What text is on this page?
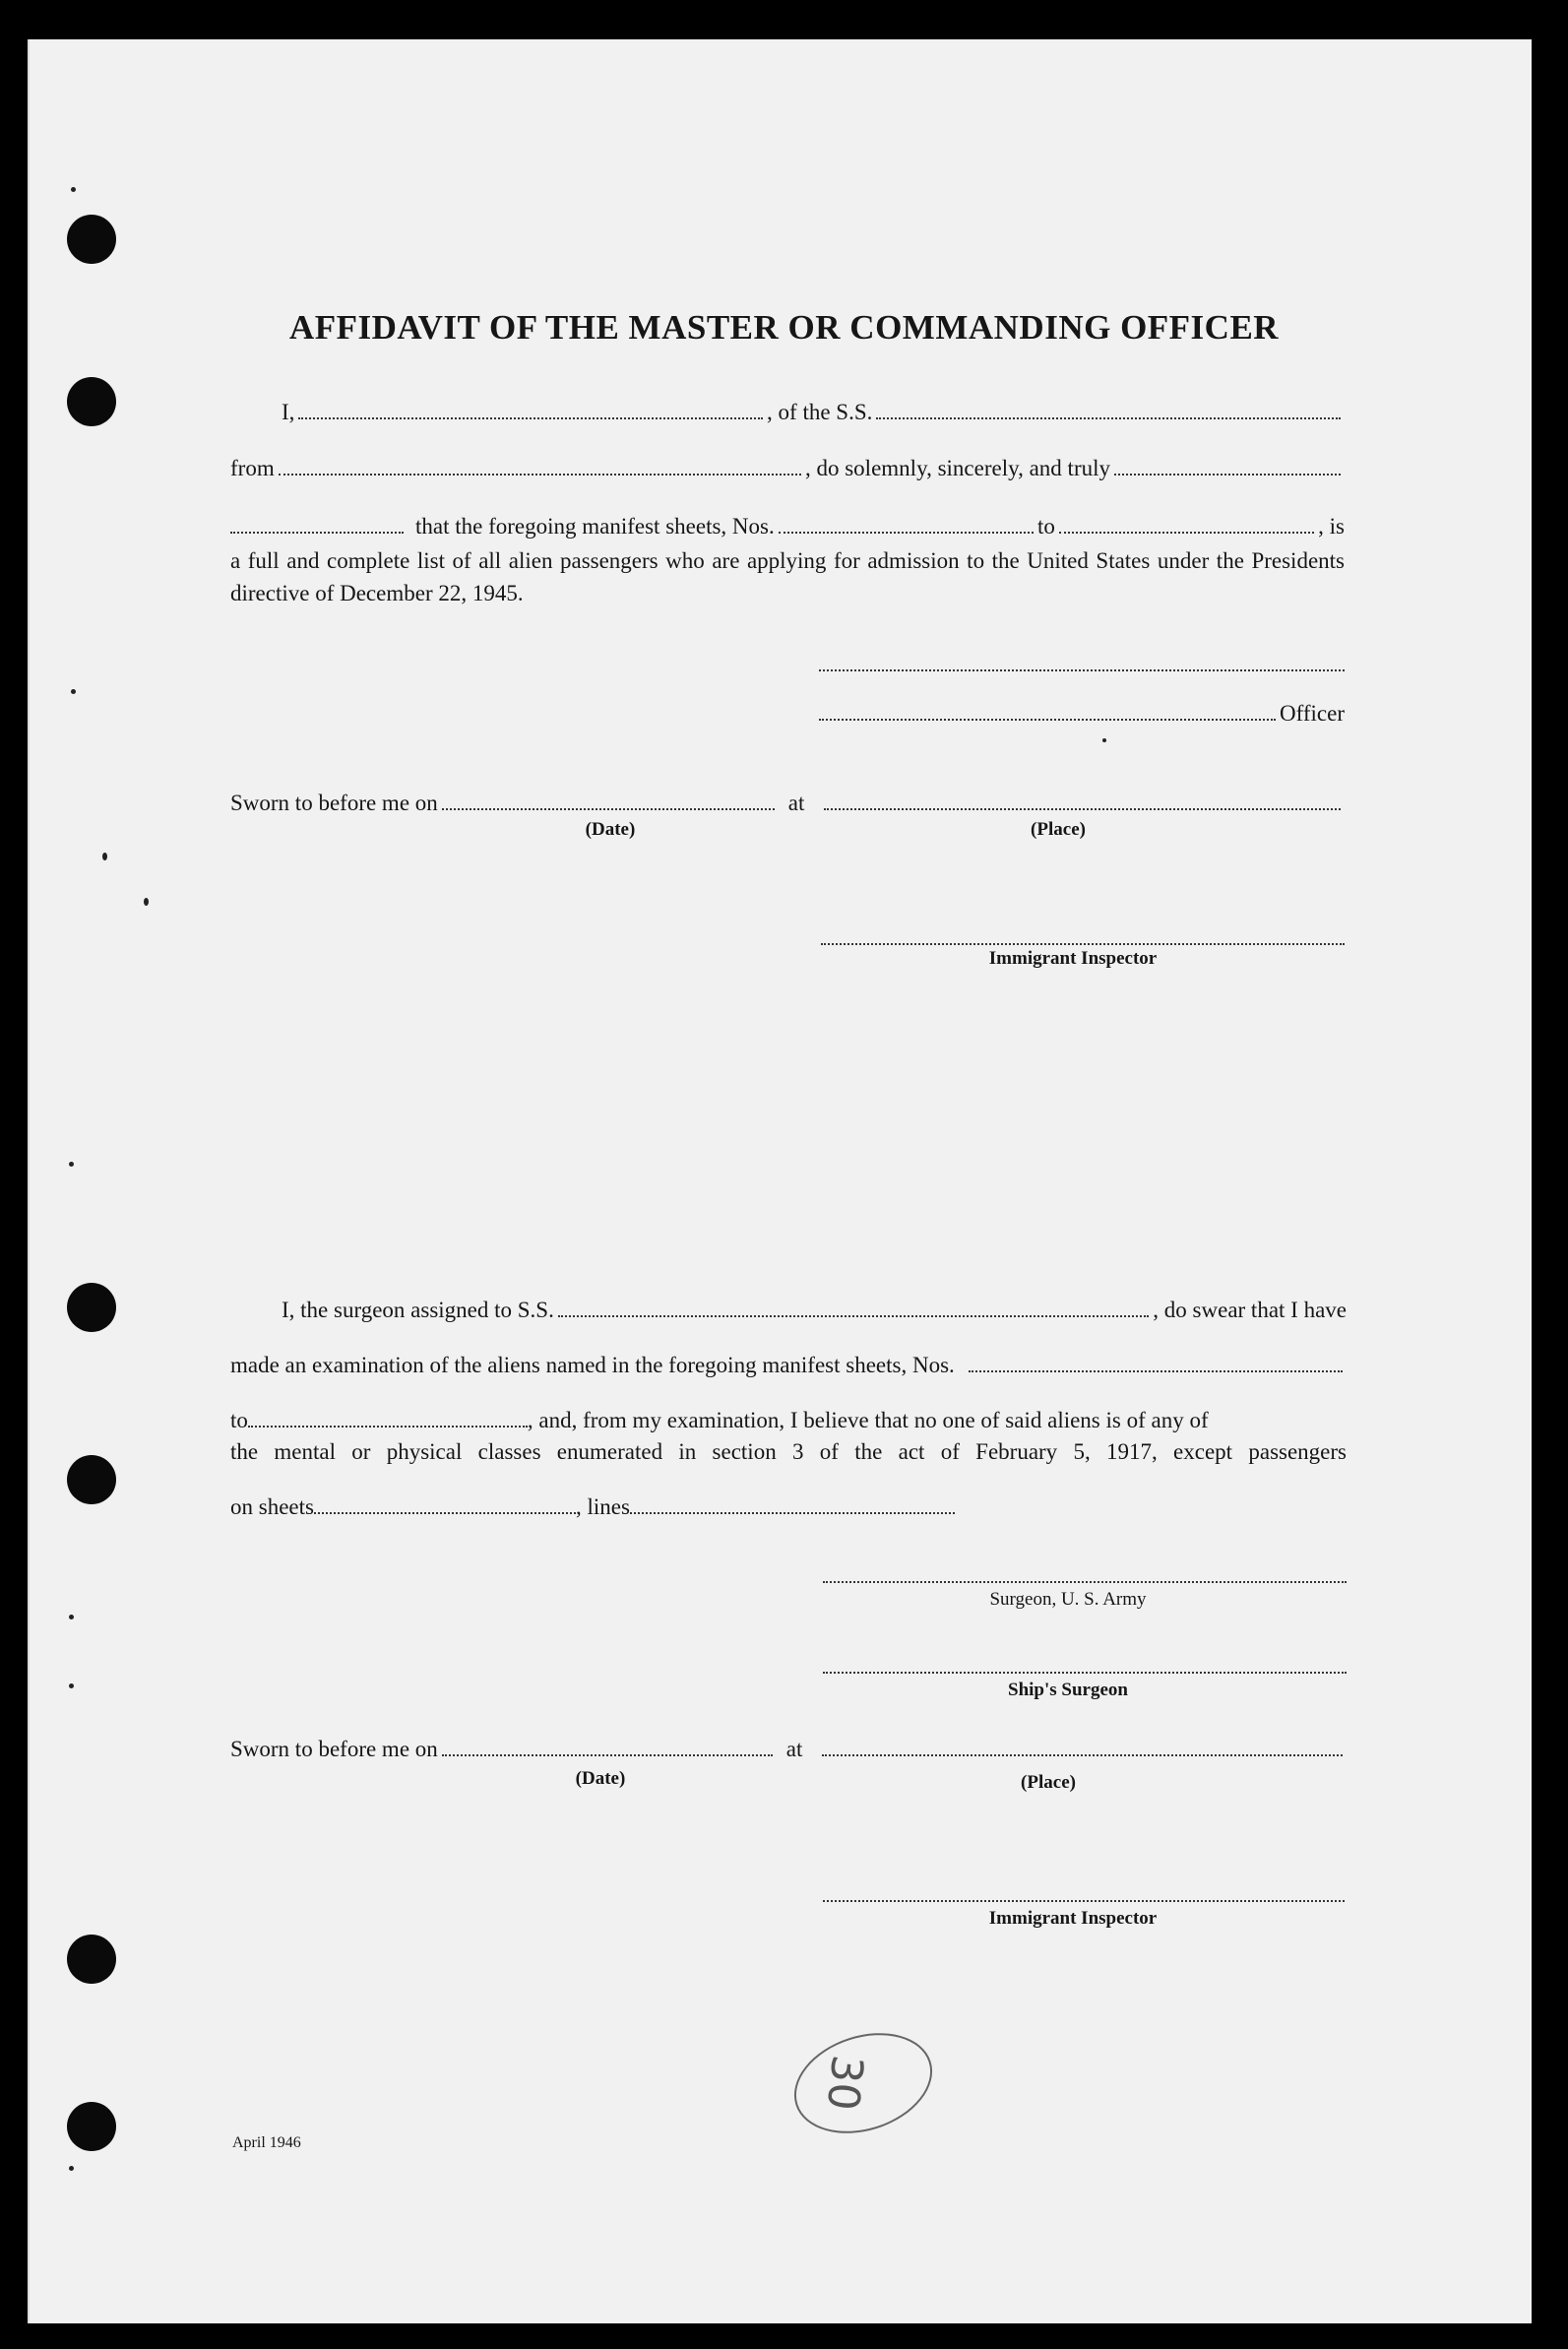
AFFIDAVIT OF THE MASTER OR COMMANDING OFFICER
I,	, of the S.S.
from	, do solemnly, sincerely, and truly
that the foregoing manifest sheets, Nos.	to	, is
a full and complete list of all alien passengers who are applying for admission to the United States under the Presidents directive of December 22, 1945.
Officer
Sworn to before me on	at
(Date)	(Place)
Immigrant Inspector
I, the surgeon assigned to S.S.	, do swear that I have
made an examination of the aliens named in the foregoing manifest sheets, Nos.
to	, and, from my examination, I believe that no one of said aliens is of any of
the mental or physical classes enumerated in section 3 of the act of February 5, 1917, except passengers
on sheets	, lines
Surgeon, U. S. Army
Ship's Surgeon
Sworn to before me on	at
(Date)	(Place)
Immigrant Inspector
30
April 1946
